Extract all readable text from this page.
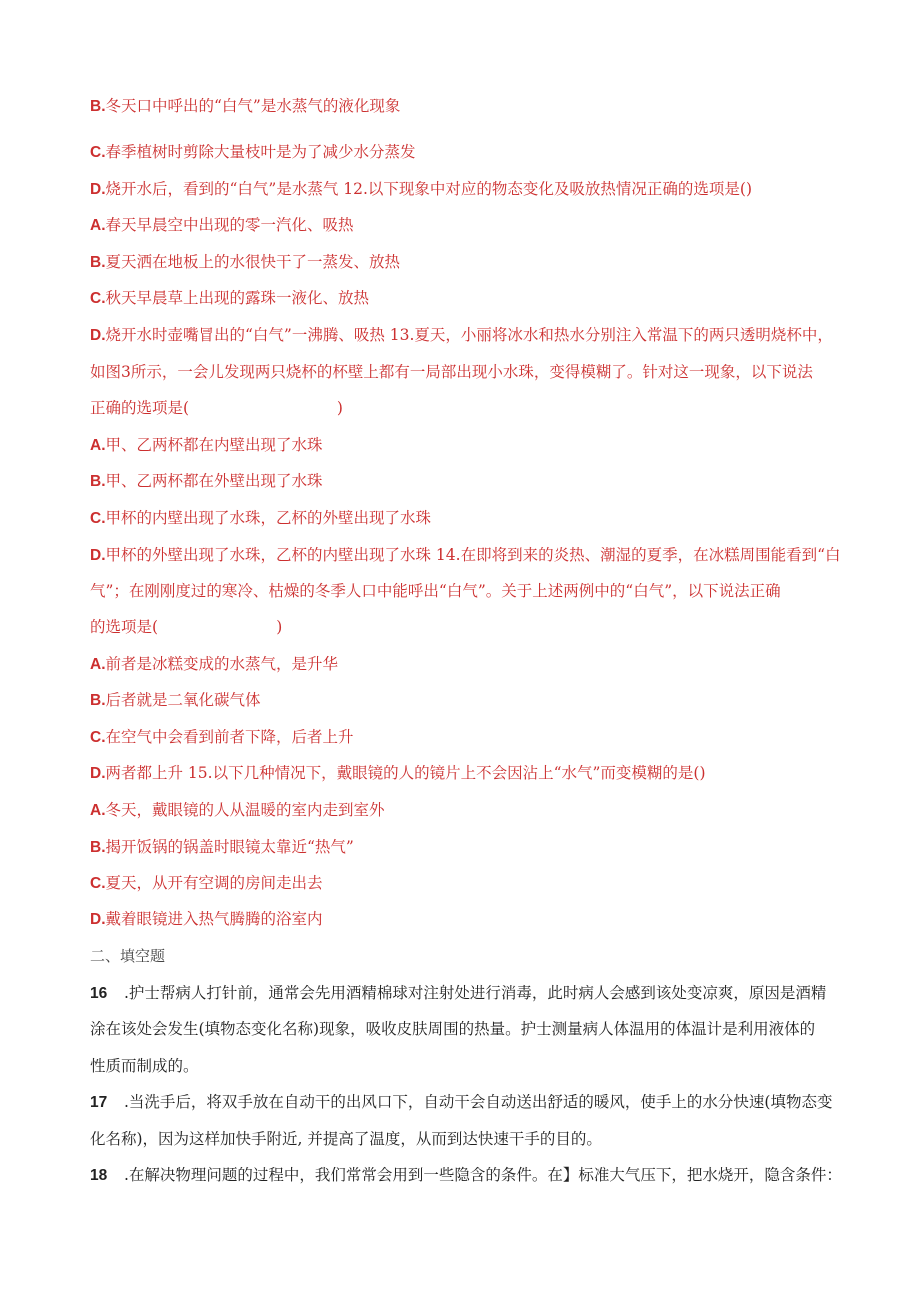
B.冬天口中呼出的“白气”是水蒸气的液化现象
C.春季植树时剪除大量枝叶是为了减少水分蒸发
D.烧开水后，看到的“白气”是水蒸气 12.以下现象中对应的物态变化及吸放热情况正确的选项是()
A.春天早晨空中出现的零一汽化、吸热
B.夏天洒在地板上的水很快干了一蒸发、放热
C.秋天早晨草上出现的露珠一液化、放热
D.烧开水时壶嘴冒出的“白气”一沸腾、吸热 13.夏天，小丽将冰水和热水分别注入常温下的两只透明烧杯中，
如图3所示，一会儿发现两只烧杯的杯壁上都有一局部出现小水珠，变得模糊了。针对这一现象，以下说法
正确的选项是(                              )
A.甲、乙两杯都在内壁出现了水珠
B.甲、乙两杯都在外壁出现了水珠
C.甲杯的内壁出现了水珠，乙杯的外壁出现了水珠
D.甲杯的外壁出现了水珠，乙杯的内壁出现了水珠 14.在即将到来的炎热、潮湿的夏季，在冰糕周围能看到“白
气”；在刚刚度过的寒冷、枯燥的冬季人口中能呼出“白气”。关于上述两例中的“白气”，以下说法正确
的选项是(                        )
A.前者是冰糕变成的水蒸气，是升华
B.后者就是二氧化碳气体
C.在空气中会看到前者下降，后者上升
D.两者都上升 15.以下几种情况下，戴眼镜的人的镜片上不会因沾上“水气”而变模糊的是()
A.冬天，戴眼镜的人从温暖的室内走到室外
B.揭开饭锅的锅盖时眼镜太靠近“热气”
C.夏天，从开有空调的房间走出去
D.戴着眼镜进入热气腾腾的浴室内
二、填空题
16 .护士帮病人打针前，通常会先用酒精棉球对注射处进行消毒，此时病人会感到该处变凉爽，原因是酒精
涂在该处会发生(填物态变化名称)现象，吸收皮肤周围的热量。护士测量病人体温用的体温计是利用液体的
性质而制成的。
17 .当洗手后，将双手放在自动干的出风口下，自动干会自动送出舒适的暖风，使手上的水分快速(填物态变
化名称)，因为这样加快手附近, 并提高了温度，从而到达快速干手的目的。
18 .在解决物理问题的过程中，我们常常会用到一些隐含的条件。在】标准大气压下，把水烧开，隐含条件：
